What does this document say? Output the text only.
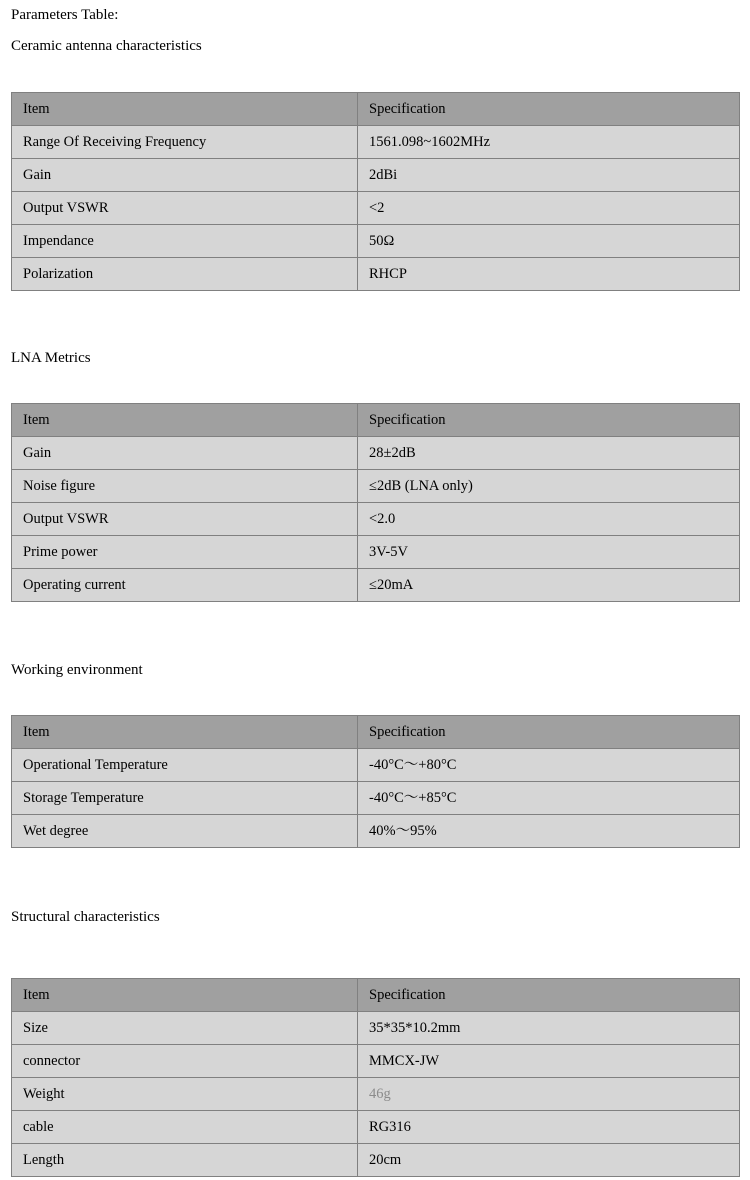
Parameters Table:
Ceramic antenna characteristics
Item	Specification
Range Of Receiving Frequency	1561.098~1602MHz
Gain	2dBi
Output VSWR	<2
Impendance	50Ω
Polarization	RHCP
LNA Metrics
Item	Specification
Gain	28±2dB
Noise figure	≤2dB (LNA only)
Output VSWR	<2.0
Prime power	3V-5V
Operating current	≤20mA
Working environment
Item	Specification
Operational Temperature	-40°C～+80°C
Storage Temperature	-40°C～+85°C
Wet degree	40%～95%
Structural characteristics
Item	Specification
Size	35*35*10.2mm
connector	MMCX-JW
Weight	46g
cable	RG316
Length	20cm
